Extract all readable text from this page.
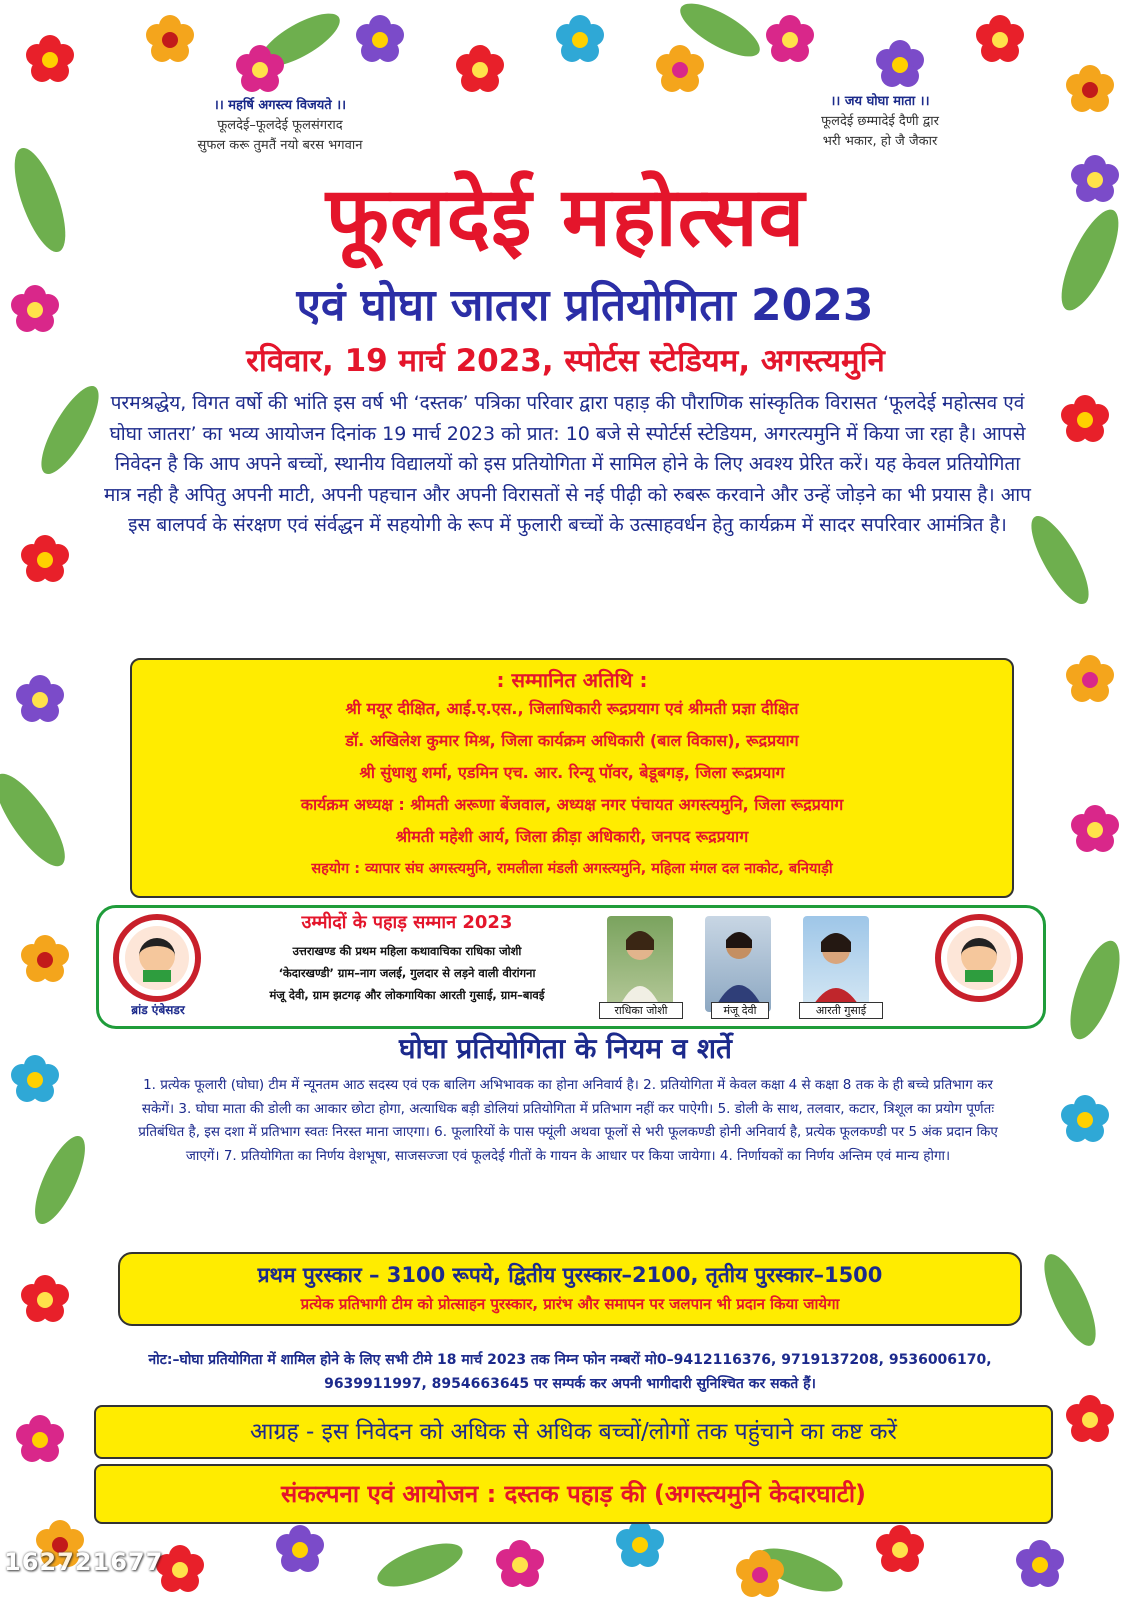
।। महर्षि अगस्त्य विजयते ।।
फूलदेई–फूलदेई फूलसंगराद
सुफल करू तुमतैं नयो बरस भगवान
।। जय घोघा माता ।।
फूलदेई छम्मादेई दैणी द्वार
भरी भकार, हो जै जैकार
फूलदेई महोत्सव
एवं घोघा जातरा प्रतियोगिता 2023
रविवार, 19 मार्च 2023, स्पोर्टस स्टेडियम, अगस्त्यमुनि
परमश्रद्धेय, विगत वर्षो की भांति इस वर्ष भी ‘दस्तक’ पत्रिका परिवार द्वारा पहाड़ की पौराणिक सांस्कृतिक विरासत ‘फूलदेई महोत्सव एवं घोघा जातरा’ का भव्य आयोजन दिनांक 19 मार्च 2023 को प्रात: 10 बजे से स्पोर्टर्स स्टेडियम, अगरत्यमुनि में किया जा रहा है। आपसे निवेदन है कि आप अपने बच्चों, स्थानीय विद्यालयों को इस प्रतियोगिता में सामिल होने के लिए अवश्य प्रेरित करें। यह केवल प्रतियोगिता मात्र नही है अपितु अपनी माटी, अपनी पहचान और अपनी विरासतों से नई पीढ़ी को रुबरू करवाने और उन्हें जोड़ने का भी प्रयास है। आप इस बालपर्व के संरक्षण एवं संर्वद्धन में सहयोगी के रूप में फुलारी बच्चों के उत्साहवर्धन हेतु कार्यक्रम में सादर सपरिवार आमंत्रित है।
: सम्मानित अतिथि :
श्री मयूर दीक्षित, आई.ए.एस., जिलाधिकारी रूद्रप्रयाग एवं श्रीमती प्रज्ञा दीक्षित
डॉ. अखिलेश कुमार मिश्र, जिला कार्यक्रम अधिकारी (बाल विकास), रूद्रप्रयाग
श्री सुंधाशु शर्मा, एडमिन एच. आर. रिन्यू पॉवर, बेडूबगड़, जिला रूद्रप्रयाग
कार्यक्रम अध्यक्ष : श्रीमती अरूणा बेंजवाल, अध्यक्ष नगर पंचायत अगस्त्यमुनि, जिला रूद्रप्रयाग
श्रीमती महेशी आर्य, जिला क्रीड़ा अधिकारी, जनपद रूद्रप्रयाग
सहयोग : व्यापार संघ अगस्त्यमुनि, रामलीला मंडली अगस्त्यमुनि, महिला मंगल दल नाकोट, बनियाड़ी
ब्रांड एंबेसडर
उम्मीदों के पहाड़ सम्मान 2023
उत्तराखण्ड की प्रथम महिला कथावाचिका राधिका जोशी
‘केदारखण्डी’ ग्राम–नाग जलई, गुलदार से लड़ने वाली वीरांगना
मंजू देवी, ग्राम झटगढ़ और लोकगायिका आरती गुसाई, ग्राम–बावई
राधिका जोशी	मंजू देवी	आरती गुसाई
घोघा प्रतियोगिता के नियम व शर्ते
1. प्रत्येक फूलारी (घोघा) टीम में न्यूनतम आठ सदस्य एवं एक बालिग अभिभावक का होना अनिवार्य है। 2. प्रतियोगिता में केवल कक्षा 4 से कक्षा 8 तक के ही बच्चे प्रतिभाग कर सकेगें। 3. घोघा माता की डोली का आकार छोटा होगा, अत्याधिक बड़ी डोलियां प्रतियोगिता में प्रतिभाग नहीं कर पाऐगी। 5. डोली के साथ, तलवार, कटार, त्रिशूल का प्रयोग पूर्णतः प्रतिबंधित है, इस दशा में प्रतिभाग स्वतः निरस्त माना जाएगा। 6. फूलारियों के पास फ्यूंली अथवा फूलों से भरी फूलकण्डी होनी अनिवार्य है, प्रत्येक फूलकण्डी पर 5 अंक प्रदान किए जाएगें। 7. प्रतियोगिता का निर्णय वेशभूषा, साजसज्जा एवं फूलदेई गीतों के गायन के आधार पर किया जायेगा। 4. निर्णायकों का निर्णय अन्तिम एवं मान्य होगा।
प्रथम पुरस्कार – 3100 रूपये, द्वितीय पुरस्कार–2100, तृतीय पुरस्कार–1500
प्रत्येक प्रतिभागी टीम को प्रोत्साहन पुरस्कार, प्रारंभ और समापन पर जलपान भी प्रदान किया जायेगा
नोट:–घोघा प्रतियोगिता में शामिल होने के लिए सभी टीमे 18 मार्च 2023 तक निम्न फोन नम्बरों मो0–9412116376, 9719137208, 9536006170, 9639911997, 8954663645 पर सम्पर्क कर अपनी भागीदारी सुनिश्चित कर सकते हैं।
आग्रह - इस निवेदन को अधिक से अधिक बच्चों/लोगों तक पहुंचाने का कष्ट करें
संकल्पना एवं आयोजन : दस्तक पहाड़ की (अगस्त्यमुनि केदारघाटी)
162721677
